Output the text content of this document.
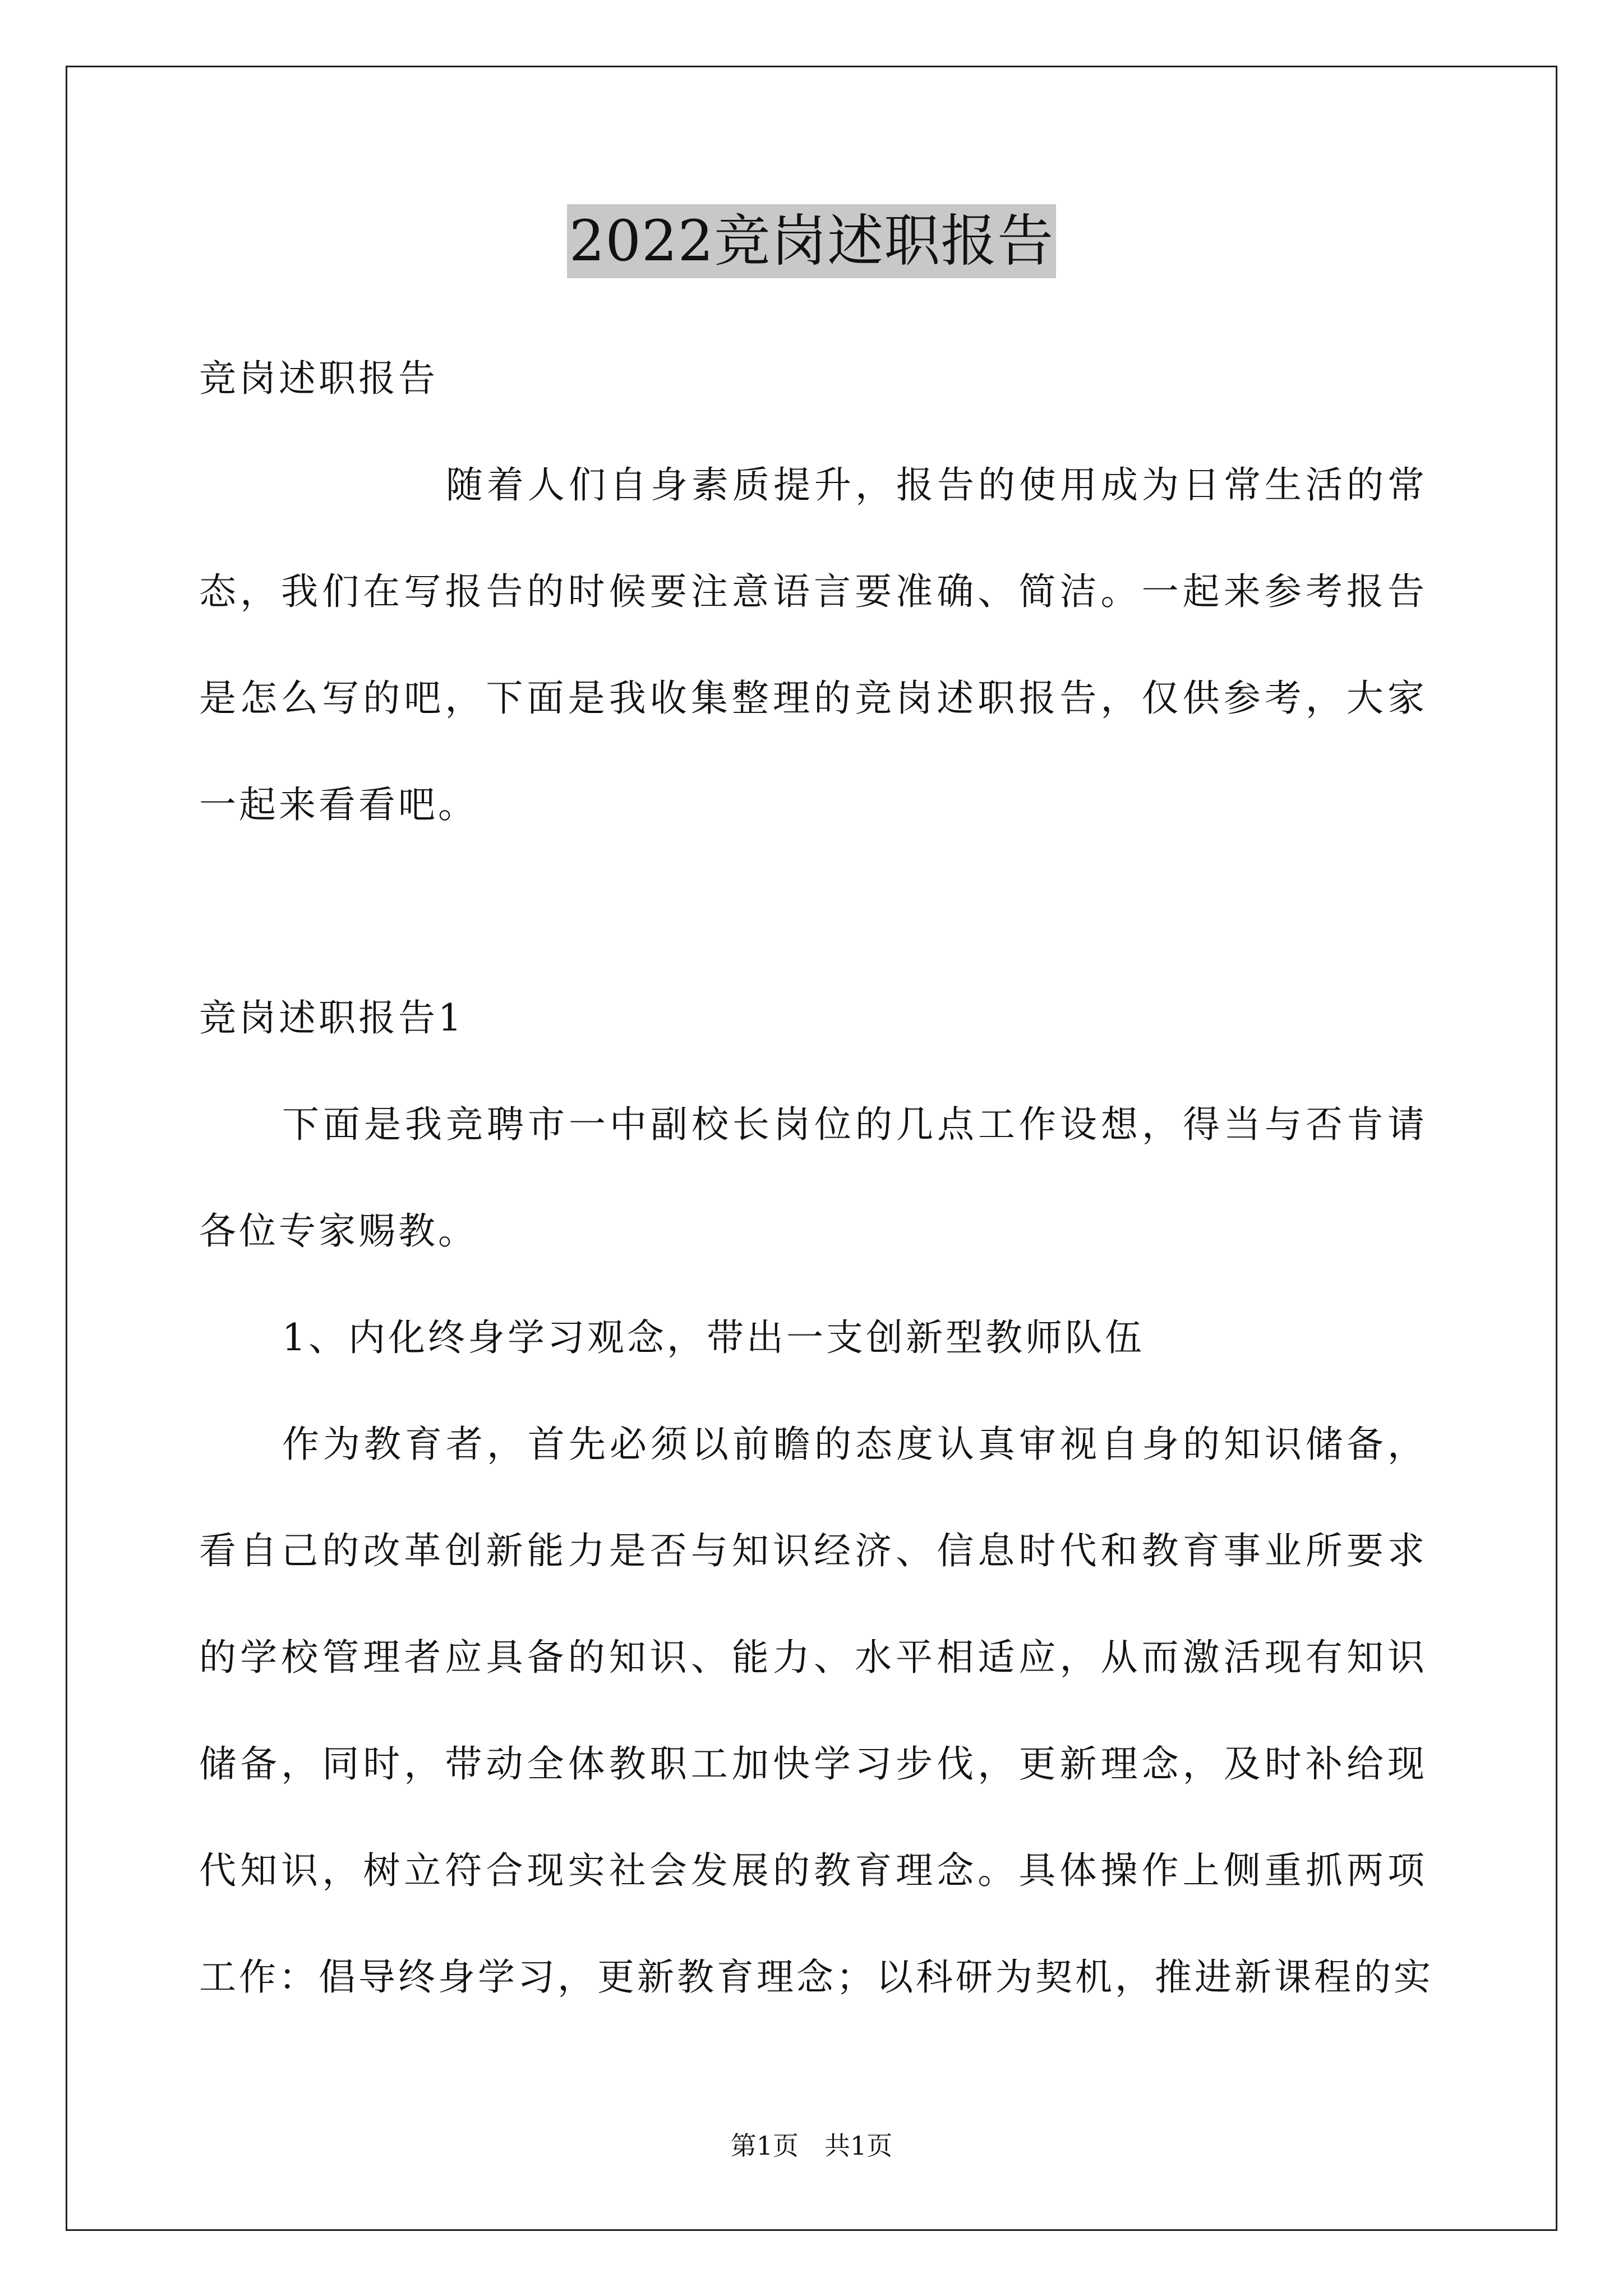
2022竞岗述职报告
竞岗述职报告
随着人们自身素质提升，报告的使用成为日常生活的常
态，我们在写报告的时候要注意语言要准确、简洁。一起来参考报告
是怎么写的吧，下面是我收集整理的竞岗述职报告，仅供参考，大家
一起来看看吧。
竞岗述职报告1
下面是我竞聘市一中副校长岗位的几点工作设想，得当与否肯请
各位专家赐教。
1、内化终身学习观念，带出一支创新型教师队伍
作为教育者，首先必须以前瞻的态度认真审视自身的知识储备，
看自己的改革创新能力是否与知识经济、信息时代和教育事业所要求
的学校管理者应具备的知识、能力、水平相适应，从而激活现有知识
储备，同时，带动全体教职工加快学习步伐，更新理念，及时补给现
代知识，树立符合现实社会发展的教育理念。具体操作上侧重抓两项
工作：倡导终身学习，更新教育理念；以科研为契机，推进新课程的实
第1页　共1页
